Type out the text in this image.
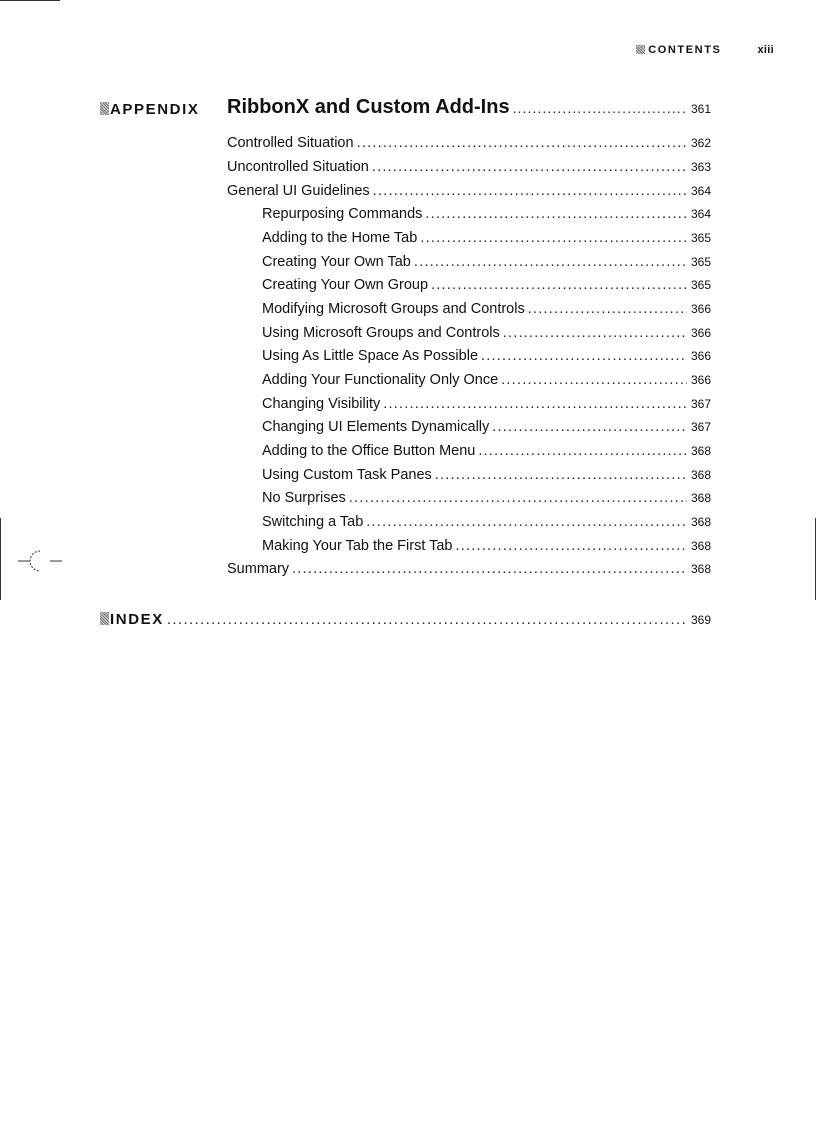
CONTENTS	xiii
APPENDIX RibbonX and Custom Add-Ins . . .	361
Controlled Situation . . .	362
Uncontrolled Situation . . .	363
General UI Guidelines . . .	364
Repurposing Commands . . .	364
Adding to the Home Tab . . .	365
Creating Your Own Tab . . .	365
Creating Your Own Group . . .	365
Modifying Microsoft Groups and Controls . . .	366
Using Microsoft Groups and Controls . . .	366
Using As Little Space As Possible . . .	366
Adding Your Functionality Only Once . . .	366
Changing Visibility . . .	367
Changing UI Elements Dynamically . . .	367
Adding to the Office Button Menu . . .	368
Using Custom Task Panes . . .	368
No Surprises . . .	368
Switching a Tab . . .	368
Making Your Tab the First Tab . . .	368
Summary . . .	368
INDEX . . .	369
